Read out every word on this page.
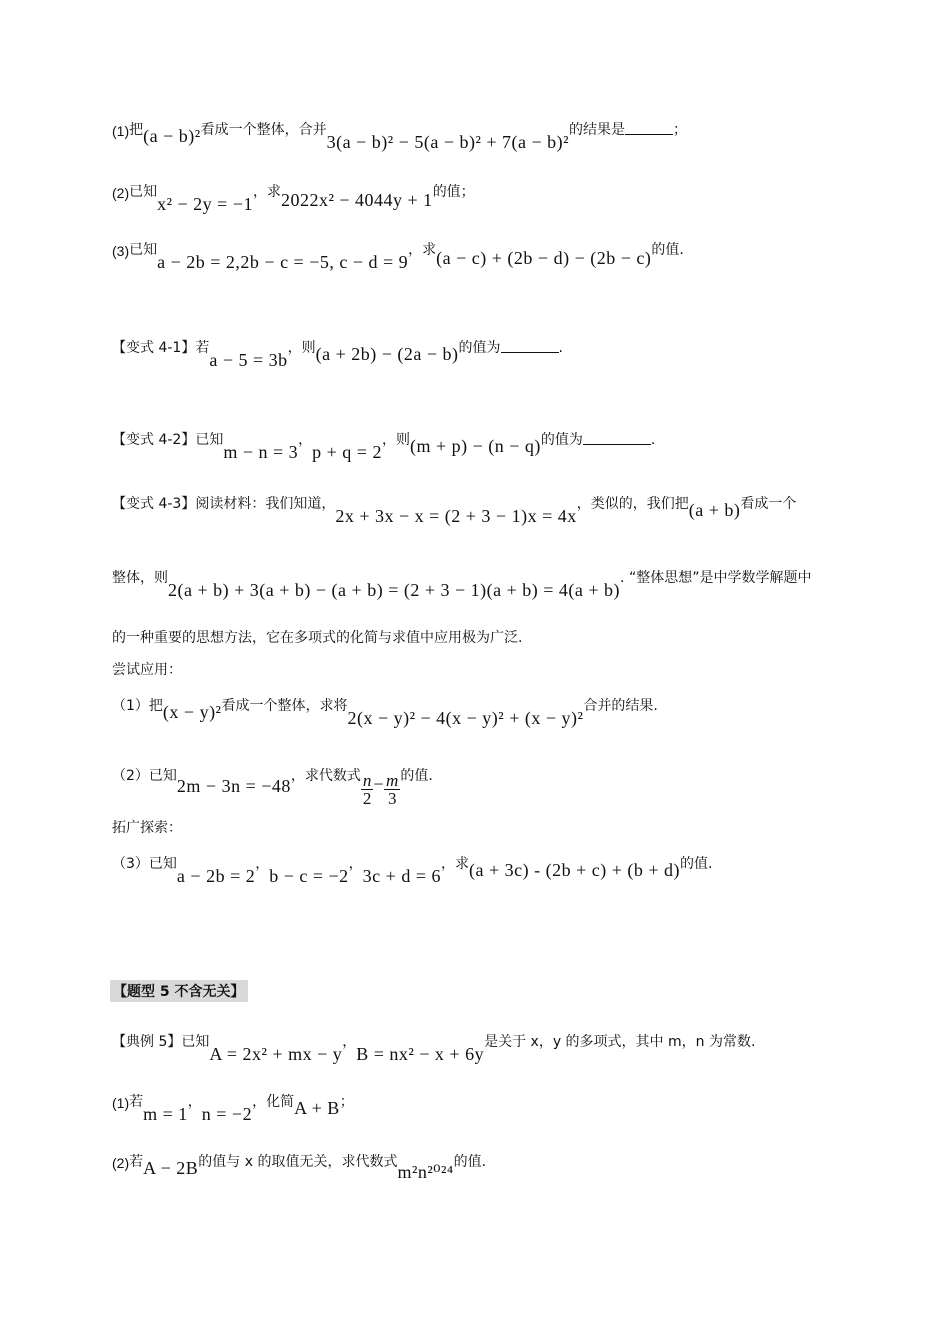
(1)把(a − b)²看成一个整体，合并3(a − b)² − 5(a − b)² + 7(a − b)²的结果是	；
(2)已知x² − 2y = −1，求2022x² − 4044y + 1的值；
(3)已知a − 2b = 2,2b − c = −5, c − d = 9，求(a − c) + (2b − d) − (2b − c)的值.
【变式 4-1】若a − 5 = 3b，则(a + 2b) − (2a − b)的值为	.
【变式 4-2】已知m − n = 3，p + q = 2，则(m + p) − (n − q)的值为	.
【变式 4-3】阅读材料：我们知道，2x + 3x − x = (2 + 3 − 1)x = 4x，类似的，我们把(a + b)看成一个
整体，则2(a + b) + 3(a + b) − (a + b) = (2 + 3 − 1)(a + b) = 4(a + b). “整体思想”是中学数学解题中
的一种重要的思想方法，它在多项式的化简与求值中应用极为广泛.
尝试应用：
（1）把(x − y)²看成一个整体，求将2(x − y)² − 4(x − y)² + (x − y)²合并的结果.
（2）已知2m − 3n = −48，求代数式 $\frac{n}{2} - \frac{m}{3}$ 的值.
拓广探索：
（3）已知a − 2b = 2，b − c = −2，3c + d = 6，求(a + 3c) - (2b + c) + (b + d)的值.
【题型 5 不含无关】
【典例 5】已知A = 2x² + mx − y，B = nx² − x + 6y是关于 x，y 的多项式，其中 m，n 为常数.
(1)若m = 1，n = −2，化简A + B；
(2)若A − 2B的值与 x 的取值无关，求代数式m²n²⁰²⁴的值.
